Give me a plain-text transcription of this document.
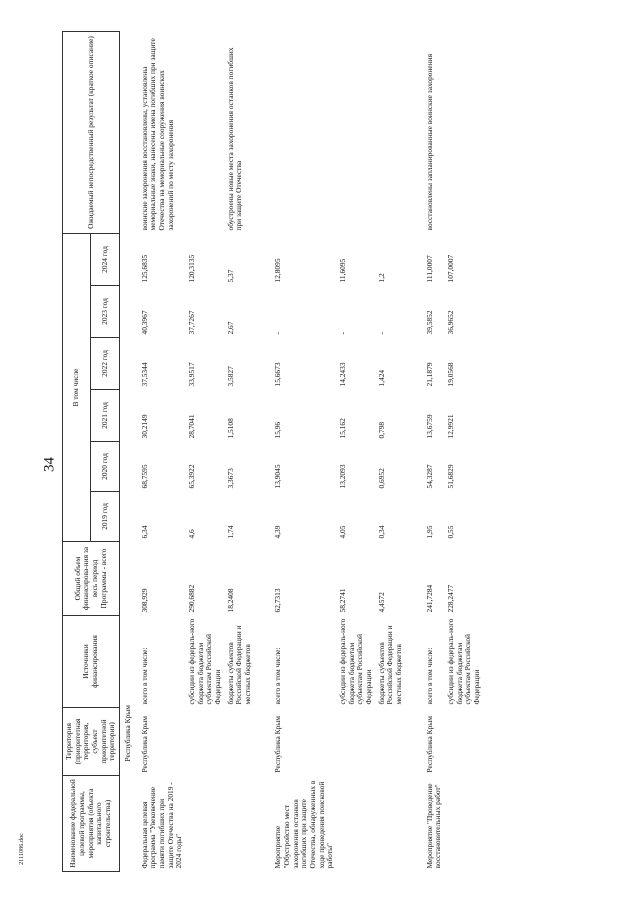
34
2111086.doc	Наименование федеральной целевой программы, мероприятия (объекта капитального строительства)	Территория (приоритетная территория, субъект приоритетной территории)	Источники финансирования	Общий объем финансирова-ния за весь период Программы - всего	В том числе						Ожидаемый непосредственный результат (краткое описание)
				2019 год	2020 год	2021 год	2022 год	2023 год	2024 год	
Республика Крым										
Федеральная целевая программа "Увековечение памяти погибших при защите Отечества на 2019 - 2024 годы"	Республика Крым	всего в том числе:	308,929	6,34	68,7595	30,2149	37,5344	40,3967	125,6835	воинские захоронения восстановлены, установлены мемориальные знаки, нанесены имена погибших при защите Отечества на мемориальные сооружения воинских захоронений по месту захоронения
		субсидии из федераль-ного бюджета бюджетам субъектам Российской Федерации	290,6882	4,6	65,3922	28,7041	33,9517	37,7267	120,3135	
		бюджеты субъектов Российской Федерации и местных бюджетов	18,2408	1,74	3,3673	1,5108	3,5827	2,67	5,37	обустроены новые места захоронения останков погибших при защите Отечества

Мероприятие "Обустройство мест захоронения останков погибших при защите Отечества, обнаруженных в ходе проведения поисковой работы"	Республика Крым	всего в том числе:	62,7313	4,39	13,9045	15,96	15,6673	-	12,8095	
		субсидии из федераль-ного бюджета бюджетам субъектам Российской Федерации	58,2741	4,05	13,2093	15,162	14,2433	-	11,6095	
		бюджеты субъектов Российской Федерации и местных бюджетов	4,4572	0,34	0,6952	0,798	1,424	-	1,2	

Мероприятие "Проведение восстановительных работ"	Республика Крым	всего в том числе:	241,7284	1,95	54,3287	13,6759	21,1879	39,5852	111,0007	восстановлены запланированные воинские захоронения
		субсидии из федераль-ного бюджета бюджетам субъектам Российской Федерации	228,2477	0,55	51,6829	12,9921	19,0568	36,9652	107,0007	
